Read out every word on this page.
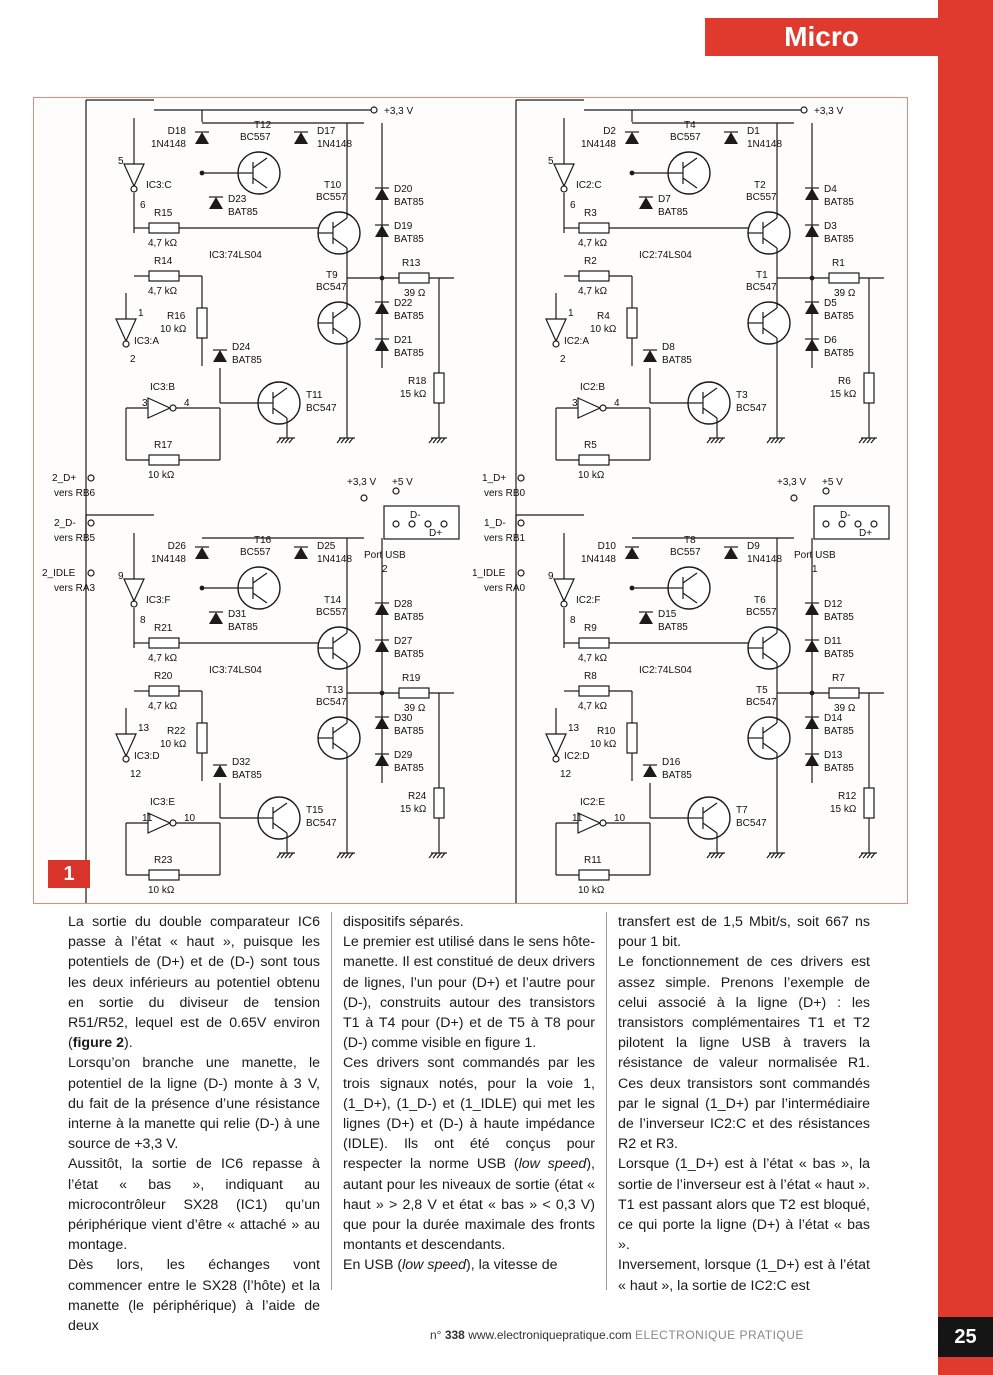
Micro
+3,3 V
D18
1N4148
D17
1N4148
5
IC3:C
6
T12
BC557
D23
BAT85
R15
4,7 kΩ
R14
4,7 kΩ
IC3:74LS04
T10
BC557
T9
BC547
D20
BAT85
D19
BAT85
D22
BAT85
D21
BAT85
R13
39 Ω
R18
15 kΩ
1
IC3:A
2
R16
10 kΩ
D24
BAT85
IC3:B
3	4
T11
BC547
R17
10 kΩ
D26
1N4148
D25
1N4148
9
IC3:F
8
T16
BC557
D31
BAT85
R21
4,7 kΩ
R20
4,7 kΩ
IC3:74LS04
T14
BC557
T13
BC547
D28
BAT85
D27
BAT85
D30
BAT85
D29
BAT85
R19
39 Ω
R24
15 kΩ
13
IC3:D
12
R22
10 kΩ
D32
BAT85
IC3:E
11	10
T15
BC547
R23
10 kΩ
2_D+
vers RB6
2_D-
vers RB5
2_IDLE
vers RA3
+3,3 V +5 V
D-
D+
Port USB
2
+3,3 V
D2
1N4148
D1
1N4148
5
IC2:C
6
T4
BC557
D7
BAT85
R3
4,7 kΩ
R2
4,7 kΩ
IC2:74LS04
T2
BC557
T1
BC547
D4
BAT85
D3
BAT85
D5
BAT85
D6
BAT85
R1
39 Ω
R6
15 kΩ
1
IC2:A
2
R4
10 kΩ
D8
BAT85
IC2:B
3	4
T3
BC547
R5
10 kΩ
D10
1N4148
D9
1N4148
9
IC2:F
8
T8
BC557
D15
BAT85
R9
4,7 kΩ
R8
4,7 kΩ
IC2:74LS04
T6
BC557
T5
BC547
D12
BAT85
D11
BAT85
D14
BAT85
D13
BAT85
R7
39 Ω
R12
15 kΩ
13
IC2:D
12
R10
10 kΩ
D16
BAT85
IC2:E
11	10
T7
BC547
R11
10 kΩ
1_D+
vers RB0
1_D-
vers RB1
1_IDLE
vers RA0
+3,3 V +5 V
D-
D+
Port USB
1
1

La sortie du double comparateur IC6 passe à l’état « haut », puisque les potentiels de (D+) et de (D-) sont tous les deux inférieurs au potentiel obtenu en sortie du diviseur de tension R51/R52, lequel est de 0.65V environ (figure 2).

Lorsqu’on branche une manette, le potentiel de la ligne (D-) monte à 3 V, du fait de la présence d’une résistance interne à la manette qui relie (D-) à une source de +3,3 V.

Aussitôt, la sortie de IC6 repasse à l’état « bas », indiquant au microcontrôleur SX28 (IC1) qu’un périphérique vient d’être « attaché » au montage.

Dès lors, les échanges vont commencer entre le SX28 (l’hôte) et la manette (le périphérique) à l’aide de deux

dispositifs séparés.

Le premier est utilisé dans le sens hôte-manette. Il est constitué de deux drivers de lignes, l’un pour (D+) et l’autre pour (D-), construits autour des transistors T1 à T4 pour (D+) et de T5 à T8 pour (D-) comme visible en figure 1.

Ces drivers sont commandés par les trois signaux notés, pour la voie 1, (1_D+), (1_D-) et (1_IDLE) qui met les lignes (D+) et (D-) à haute impédance (IDLE). Ils ont été conçus pour respecter la norme USB (low speed), autant pour les niveaux de sortie (état « haut » > 2,8 V et état « bas » < 0,3 V) que pour la durée maximale des fronts montants et descendants.

En USB (low speed), la vitesse de

transfert est de 1,5 Mbit/s, soit 667 ns pour 1 bit.

Le fonctionnement de ces drivers est assez simple. Prenons l’exemple de celui associé à la ligne (D+) : les transistors complémentaires T1 et T2 pilotent la ligne USB à travers la résistance de valeur normalisée R1. Ces deux transistors sont commandés par le signal (1_D+) par l’intermédiaire de l’inverseur IC2:C et des résistances R2 et R3.

Lorsque (1_D+) est à l’état « bas », la sortie de l’inverseur est à l’état « haut ». T1 est passant alors que T2 est bloqué, ce qui porte la ligne (D+) à l’état « bas ».

Inversement, lorsque (1_D+) est à l’état « haut », la sortie de IC2:C est

n° 338 www.electroniquepratique.com ELECTRONIQUE PRATIQUE	25
